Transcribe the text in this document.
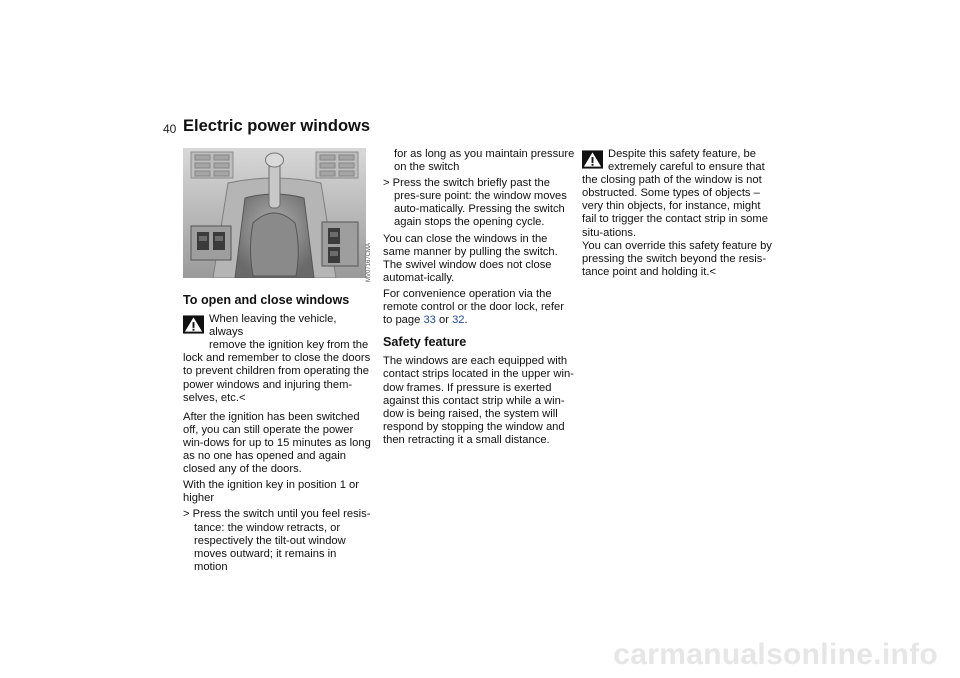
40 Electric power windows
MV07167CMA
To open and close windows

When leaving the vehicle, always

remove the ignition key from the

lock and remember to close the doors to prevent children from operating the power windows and injuring them-selves, etc.<

After the ignition has been switched off, you can still operate the power win-dows for up to 15 minutes as long as no one has opened and again closed any of the doors.

With the ignition key in position 1 or higher

> Press the switch until you feel resis-tance: the window retracts, or respectively the tilt-out window moves outward; it remains in motion

for as long as you maintain pressure on the switch

> Press the switch briefly past the pres-sure point: the window moves auto-matically. Pressing the switch again stops the opening cycle.

You can close the windows in the same manner by pulling the switch. The swivel window does not close automat-ically.

For convenience operation via the remote control or the door lock, refer to page 33 or 32.

Safety feature

The windows are each equipped with contact strips located in the upper win-dow frames. If pressure is exerted against this contact strip while a win-dow is being raised, the system will respond by stopping the window and then retracting it a small distance.

Despite this safety feature, be

extremely careful to ensure that

the closing path of the window is not obstructed. Some types of objects – very thin objects, for instance, might fail to trigger the contact strip in some situ-ations.

You can override this safety feature by pressing the switch beyond the resis-tance point and holding it.<

carmanualsonline.info
